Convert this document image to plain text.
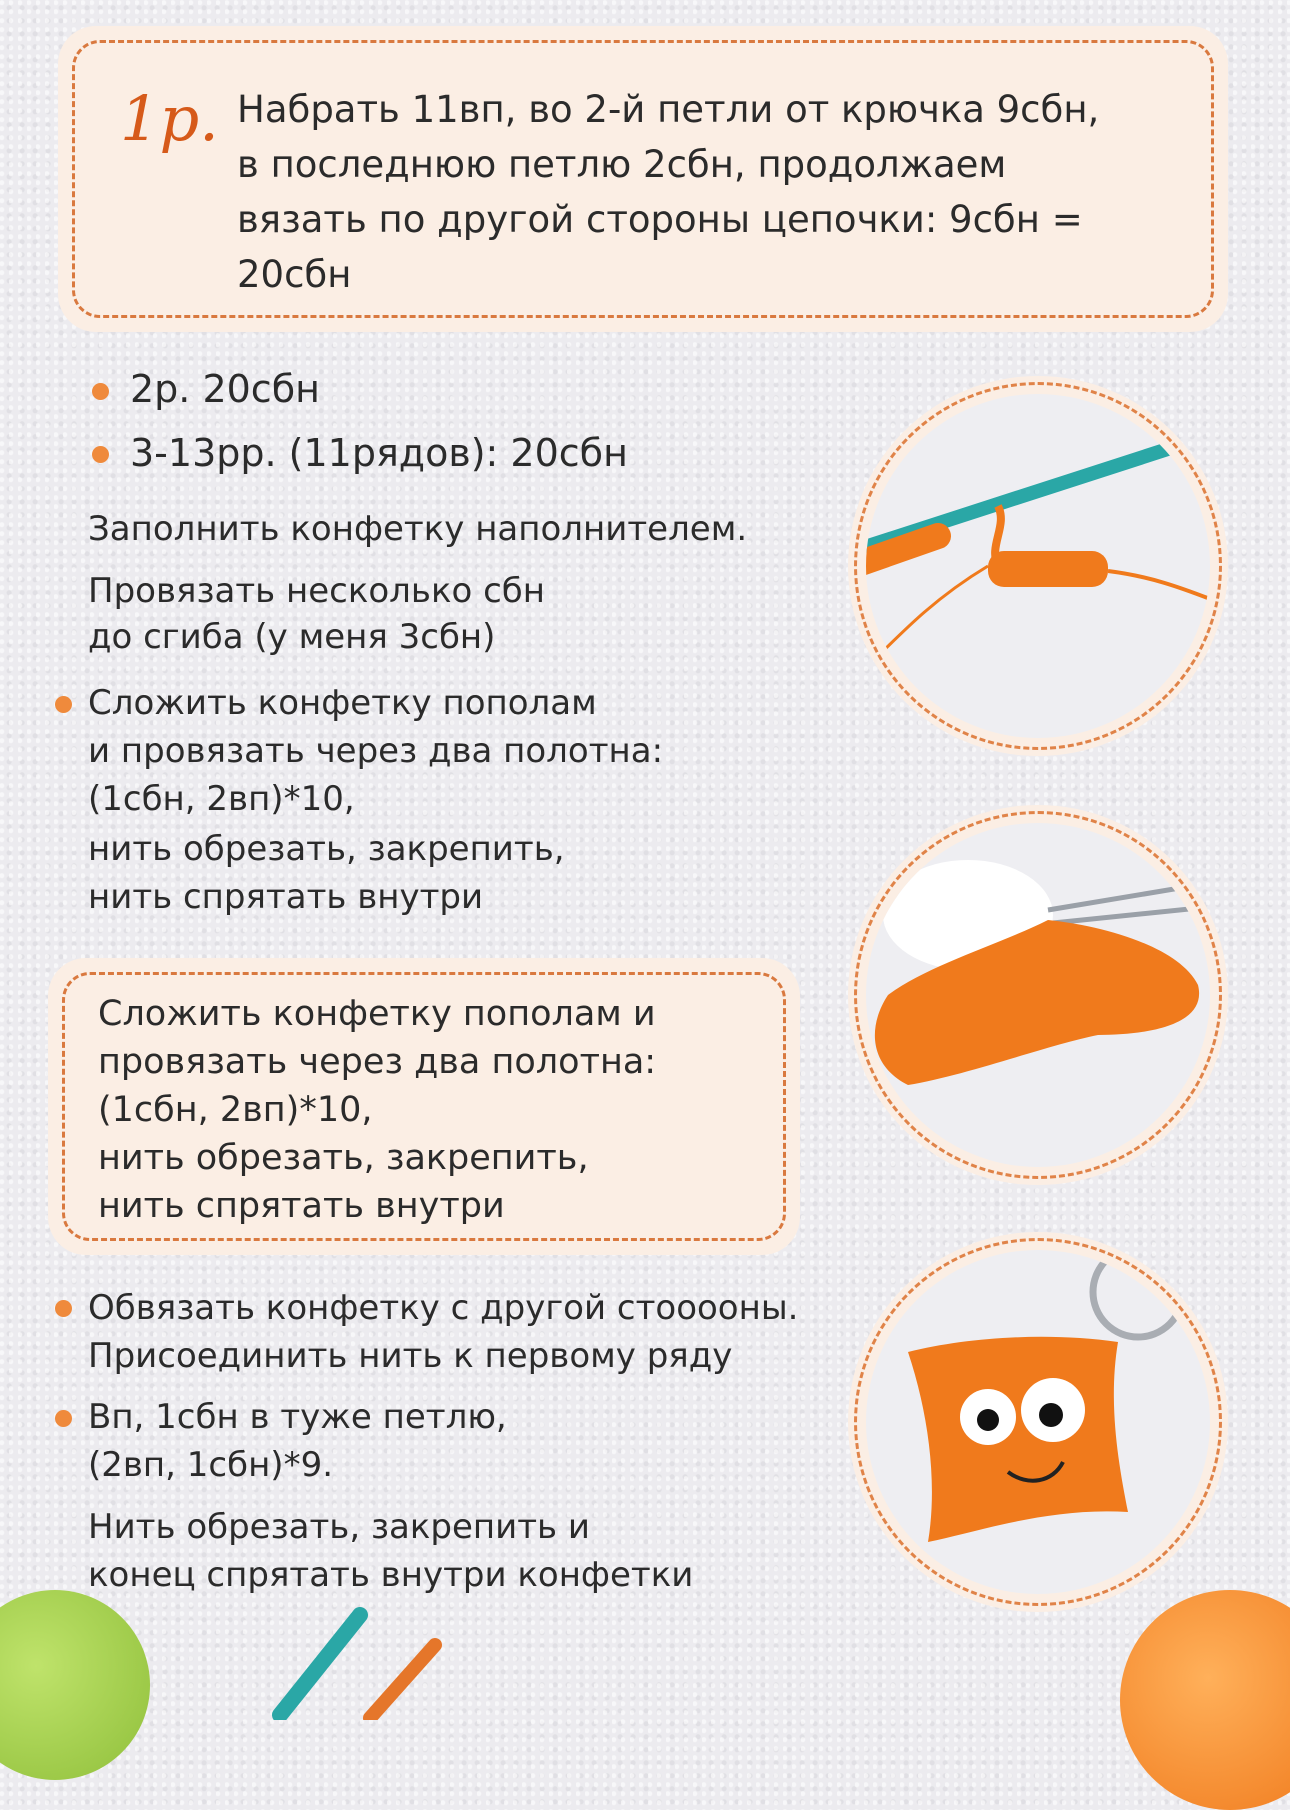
1р. Набрать 11вп, во 2-й петли от крючка 9сбн,
в последнюю петлю 2сбн, продолжаем
вязать по другой стороны цепочки: 9сбн =
20сбн
2р. 20сбн
3-13рр. (11рядов): 20сбн
Заполнить конфетку наполнителем.
Провязать несколько сбн
до сгиба (у меня 3сбн)
Сложить конфетку пополам
и провязать через два полотна:
(1сбн, 2вп)*10,
нить обрезать, закрепить,
нить спрятать внутри
Сложить конфетку пополам и
провязать через два полотна:
(1сбн, 2вп)*10,
нить обрезать, закрепить,
нить спрятать внутри
Обвязать конфетку с другой стооооны.
Присоединить нить к первому ряду
Вп, 1сбн в туже петлю,
(2вп, 1сбн)*9.
Нить обрезать, закрепить и
конец спрятать внутри конфетки
